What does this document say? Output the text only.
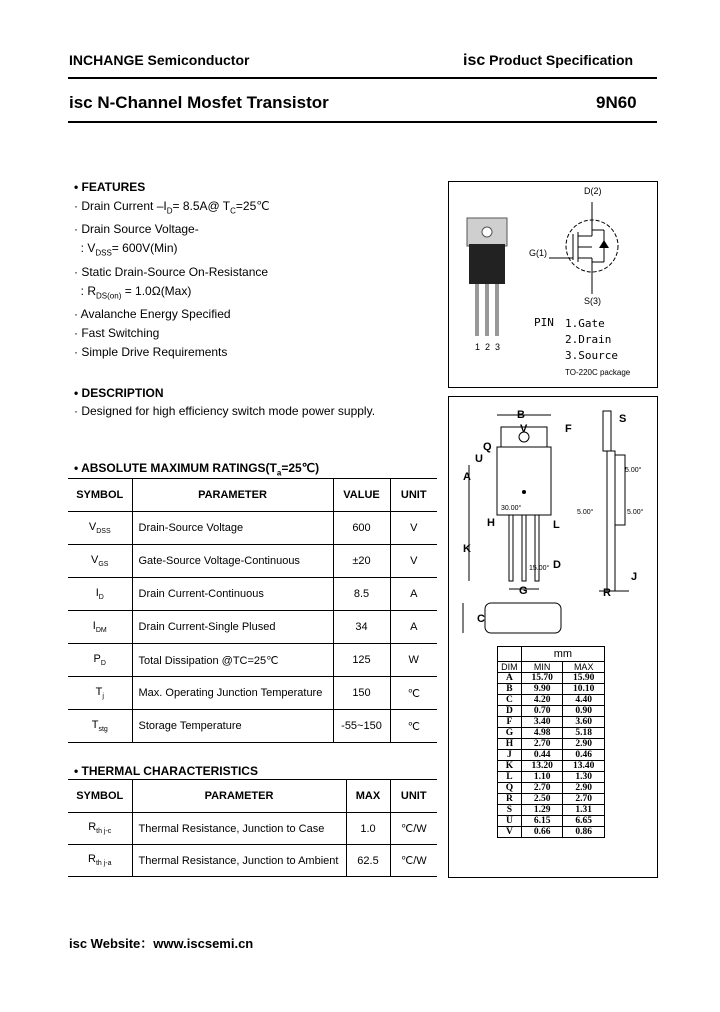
INCHANGE Semiconductor	isc Product Specification
isc N-Channel Mosfet Transistor	9N60
• FEATURES
· Drain Current $-I_D=$ 8.5A@ $T_C=25℃$
· Drain Source Voltage-
: $V_{DSS}= 600V(Min)$
· Static Drain-Source On-Resistance
: $R_{DS(on)} = 1.0\Omega(Max)$
· Avalanche Energy Specified
· Fast Switching
· Simple Drive Requirements
• DESCRIPTION
· Designed for high efficiency switch mode power supply.
• ABSOLUTE MAXIMUM $RATINGS(T_a=25℃)$
SYMBOL	PARAMETER	VALUE	UNIT
$V_{DSS}$	Drain-Source Voltage	600	V
$V_{GS}$	Gate-Source Voltage-Continuous	±20	V
$I_D$	Drain Current-Continuous	8.5	A
$I_{DM}$	Drain Current-Single Plused	34	A
$P_D$	Total Dissipation @TC=25℃	125	W
$T_j$	Max. Operating Junction Temperature	150	℃
$T_{stg}$	Storage Temperature	-55~150	℃
• THERMAL CHARACTERISTICS
SYMBOL	PARAMETER	MAX	UNIT
$R_{th j-c}$	Thermal Resistance, Junction to Case	1.0	℃/W
$R_{th j-a}$	Thermal Resistance, Junction to Ambient	62.5	℃/W
1  2  3
D(2)
G(1)
S(3)
PIN 1.Gate
2.Drain
3.Source
TO-220C package
B
V	F
Q
U
A
H
K
L
D
G
C
S
R
J
30.00°
15.00°
5.00°
5.00°	5.00°
	mm	
DIM	MIN	MAX
A	15.70	15.90
B	9.90	10.10
C	4.20	4.40
D	0.70	0.90
F	3.40	3.60
G	4.98	5.18
H	2.70	2.90
J	0.44	0.46
K	13.20	13.40
L	1.10	1.30
Q	2.70	2.90
R	2.50	2.70
S	1.29	1.31
U	6.15	6.65
V	0.66	0.86
isc Website：www.iscsemi.cn
